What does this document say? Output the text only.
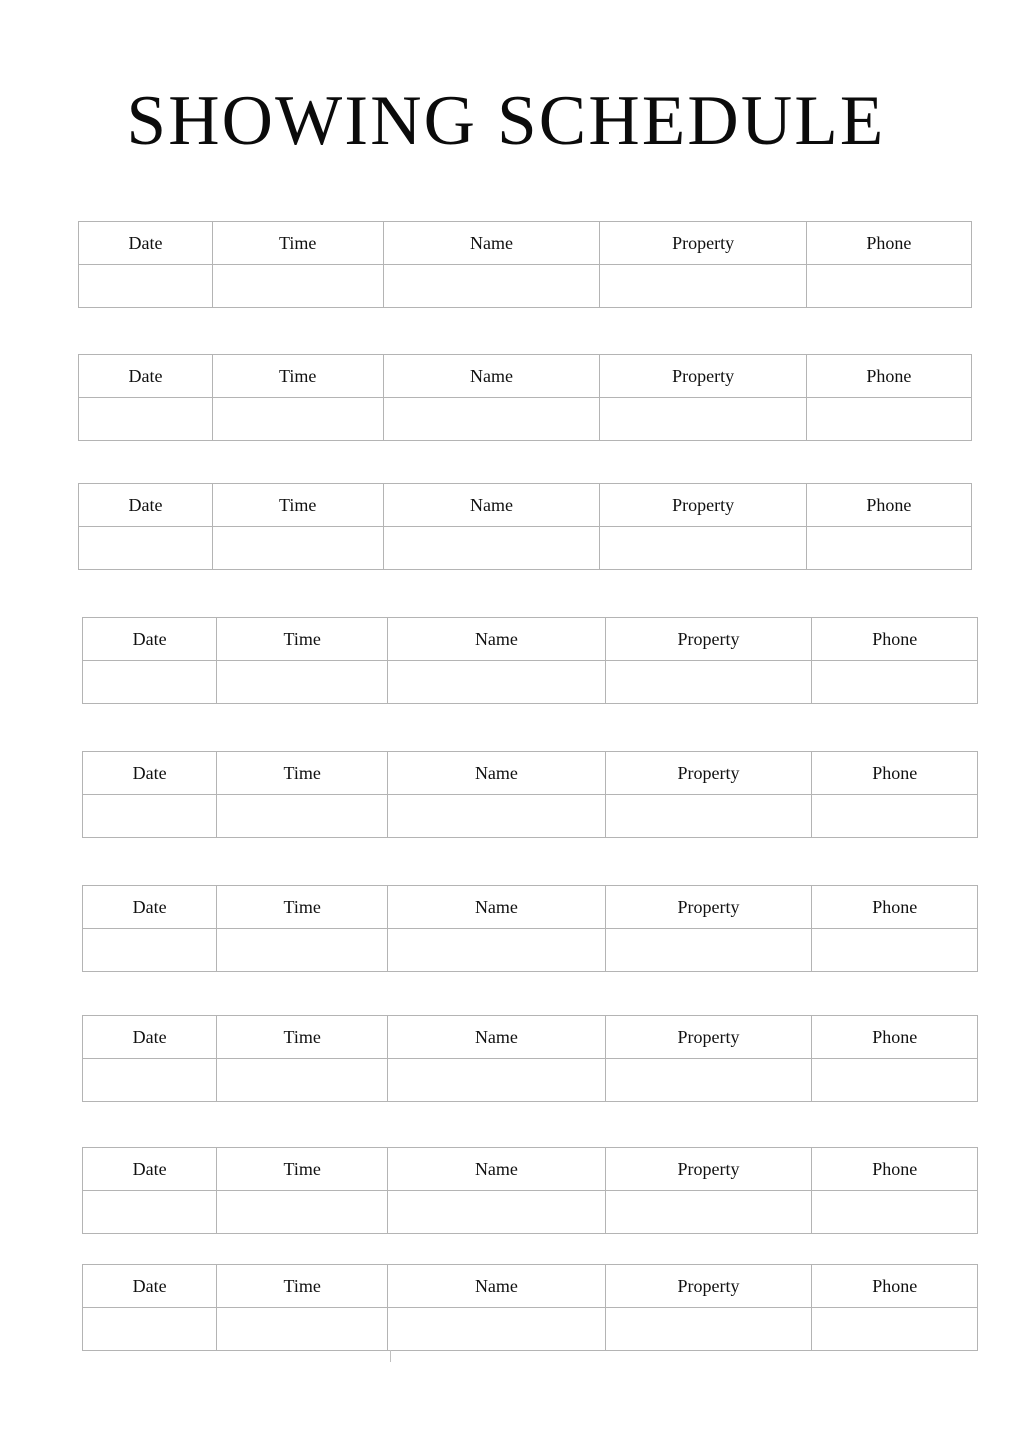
SHOWING SCHEDULE
Date	Time	Name	Property	Phone

Date	Time	Name	Property	Phone

Date	Time	Name	Property	Phone

Date	Time	Name	Property	Phone

Date	Time	Name	Property	Phone

Date	Time	Name	Property	Phone

Date	Time	Name	Property	Phone

Date	Time	Name	Property	Phone

Date	Time	Name	Property	Phone
